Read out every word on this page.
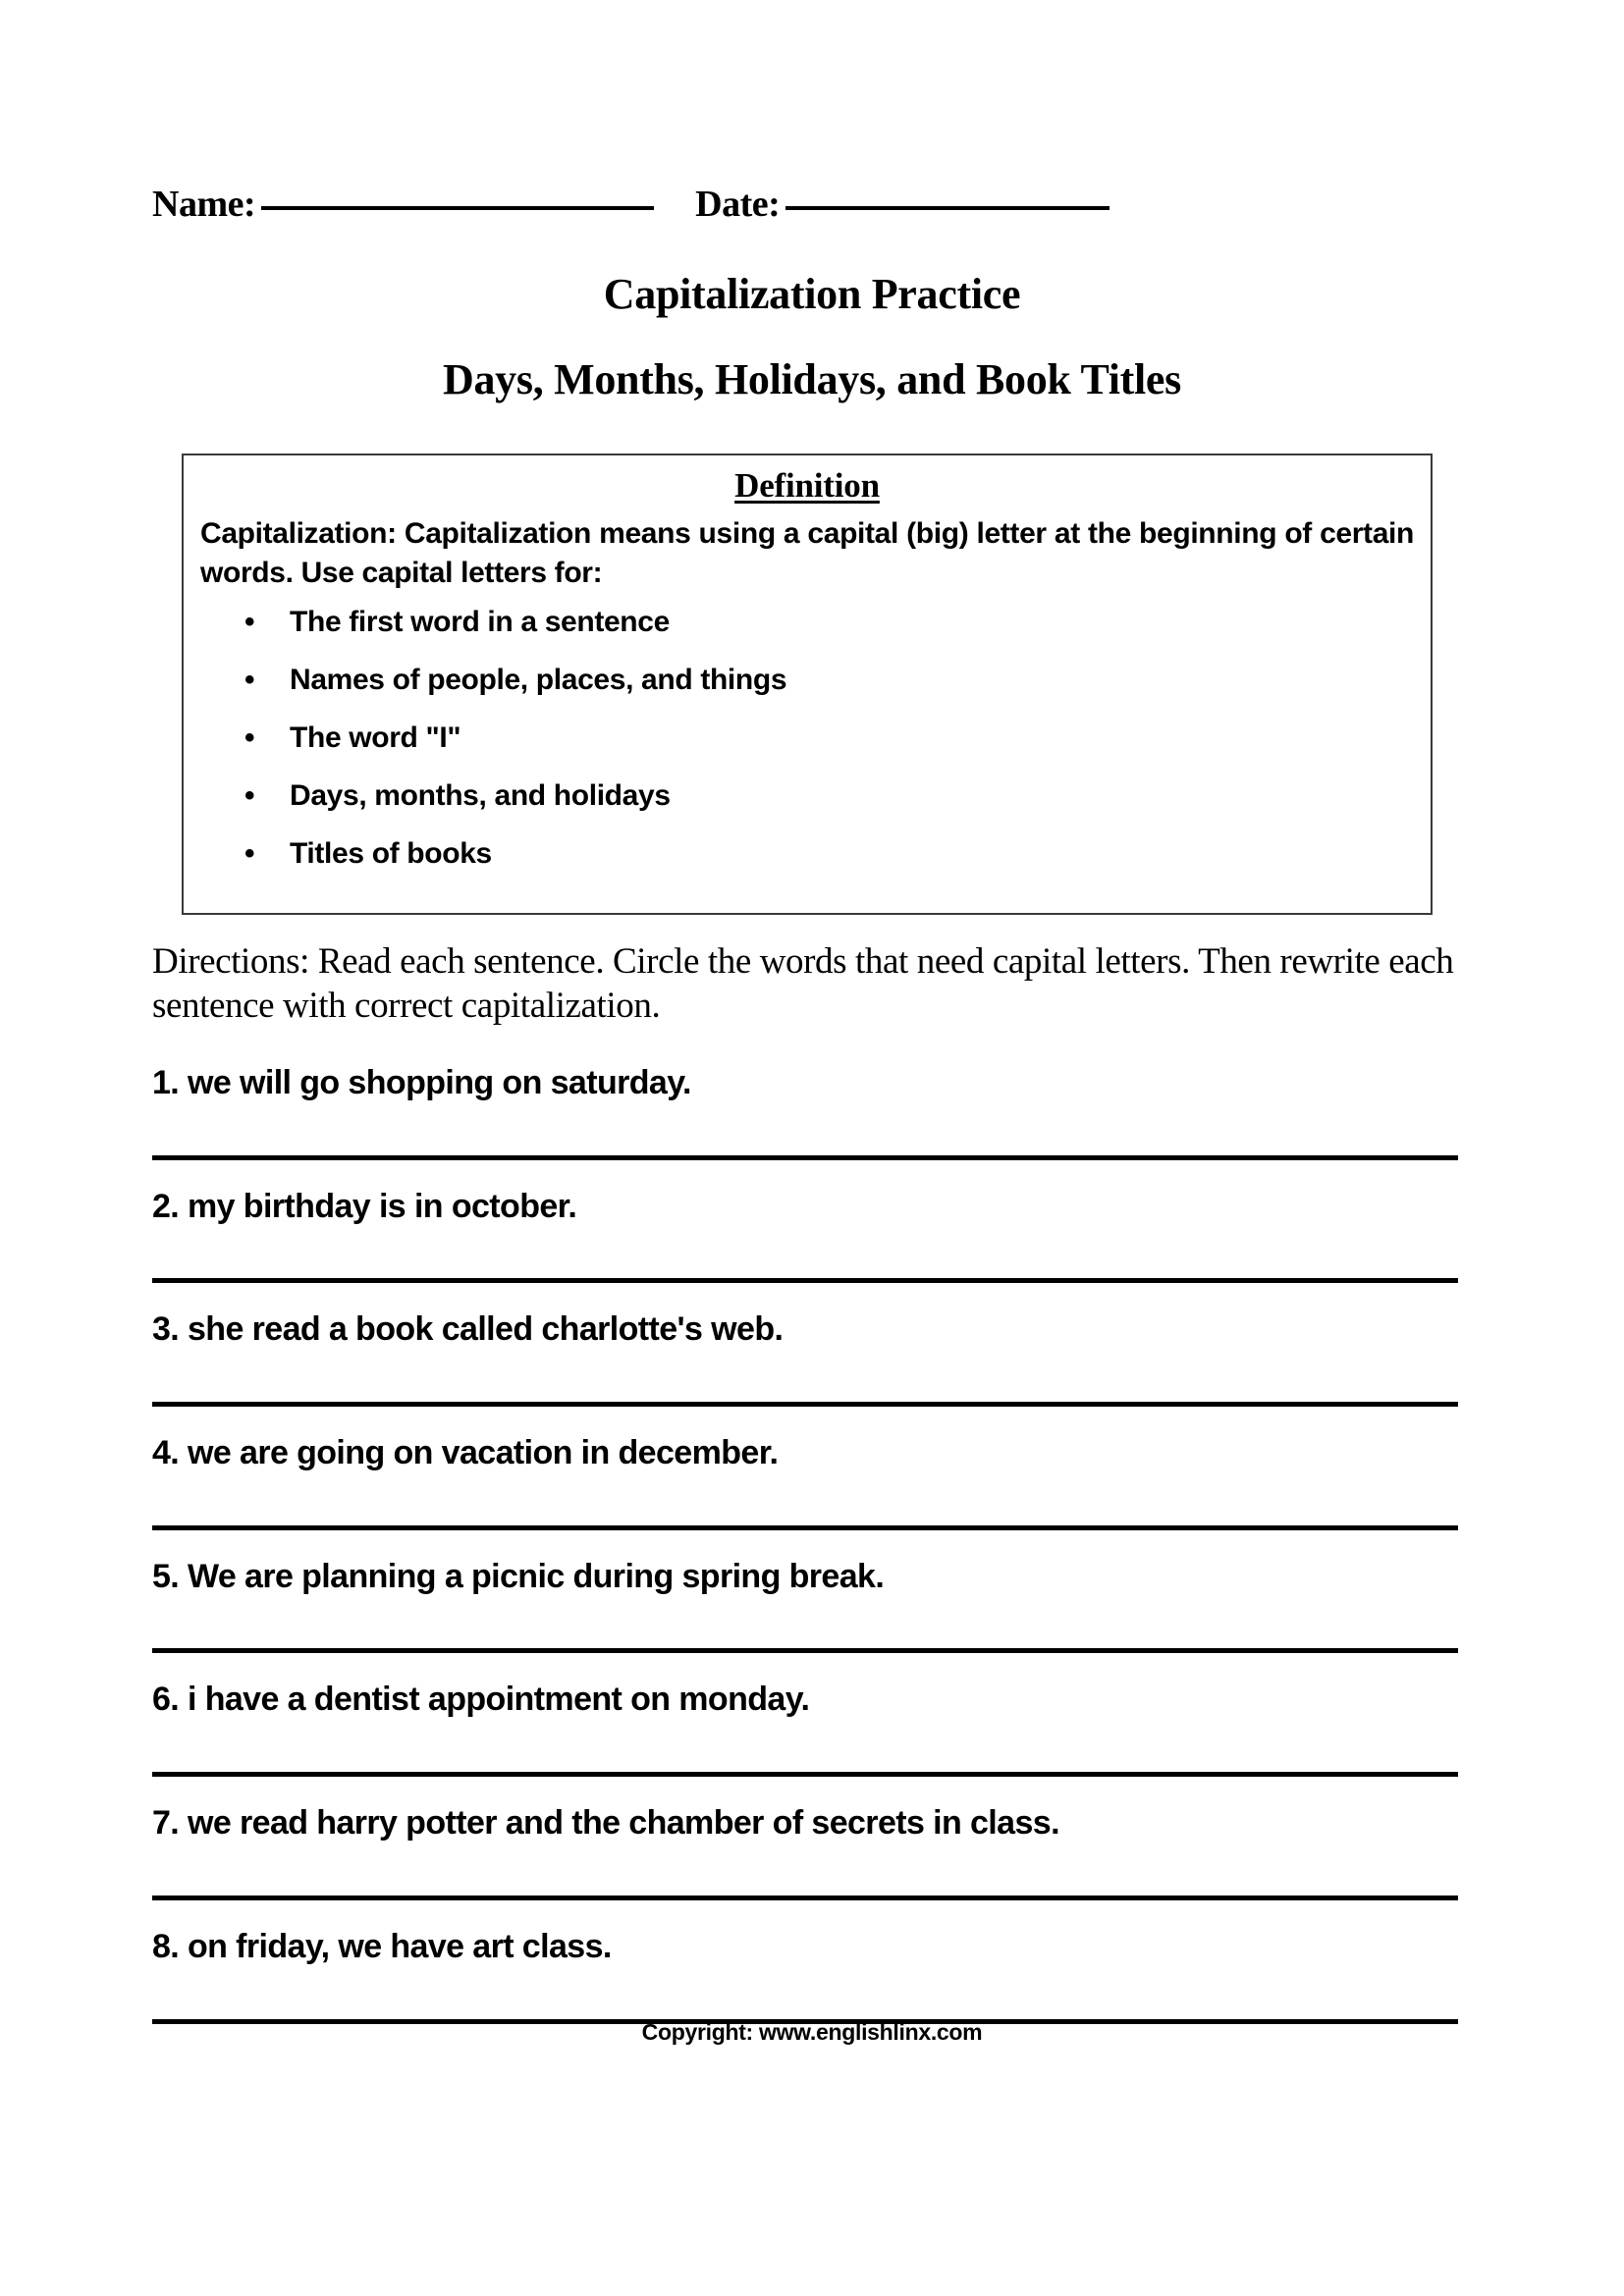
Name:	Date:
Capitalization Practice
Days, Months, Holidays, and Book Titles
Definition
Capitalization: Capitalization means using a capital (big) letter at the beginning of certain words. Use capital letters for:
• The first word in a sentence
• Names of people, places, and things
• The word "I"
• Days, months, and holidays
• Titles of books
Directions: Read each sentence. Circle the words that need capital letters. Then rewrite each sentence with correct capitalization.
1. we will go shopping on saturday.
2. my birthday is in october.
3. she read a book called charlotte's web.
4. we are going on vacation in december.
5. We are planning a picnic during spring break.
6. i have a dentist appointment on monday.
7. we read harry potter and the chamber of secrets in class.
8. on friday, we have art class.
Copyright: www.englishlinx.com
